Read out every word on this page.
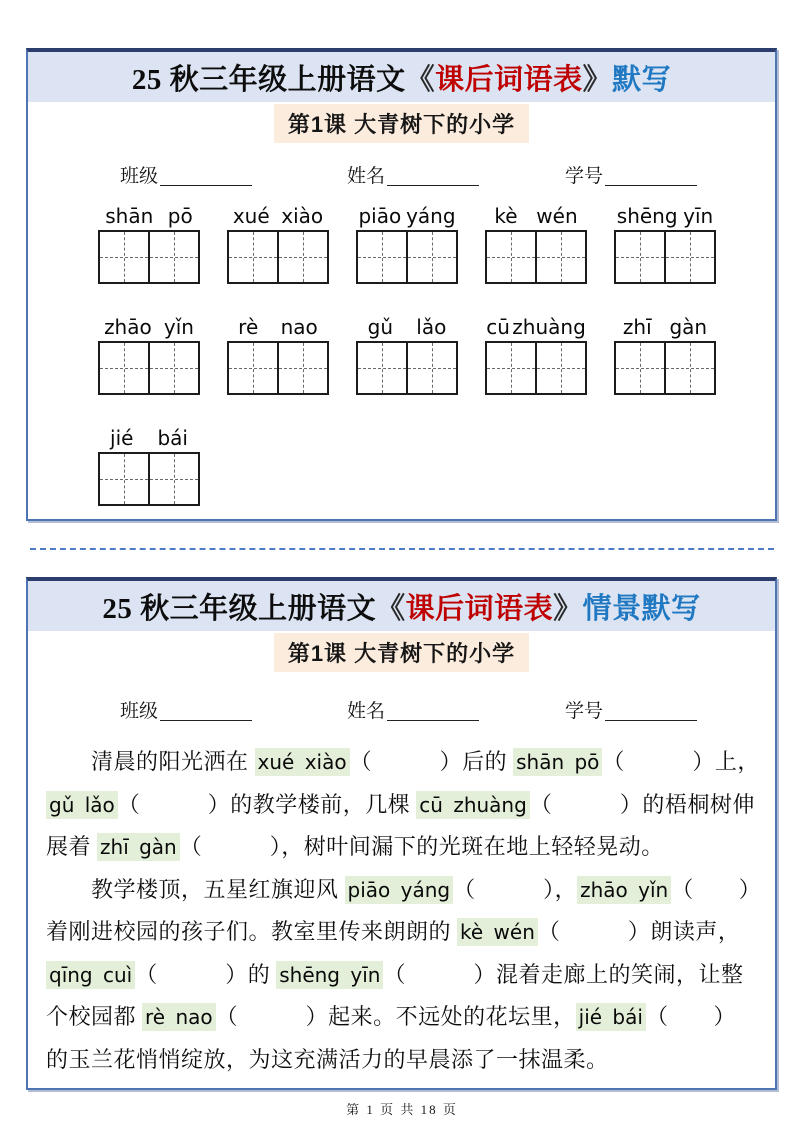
25 秋三年级上册语文《课后词语表》默写
第1课 大青树下的小学
班级	姓名	学号
shān pō xué xiào piāo yáng kè wén shēng yīn
zhāo yǐn rè nao gǔ lǎo cū zhuàng zhī gàn
jié bái
25 秋三年级上册语文《课后词语表》情景默写
第1课 大青树下的小学
班级	姓名	学号
　　清晨的阳光洒在 xué xiào （　　　）后的 shān pō （　　　）上，
gǔ lǎo （　　　）的教学楼前，几棵 cū zhuàng （　　　）的梧桐树伸
展着 zhī gàn （　　　），树叶间漏下的光斑在地上轻轻晃动。
　　教学楼顶，五星红旗迎风 piāo yáng （　　　）， zhāo yǐn （　　）
着刚进校园的孩子们。教室里传来朗朗的 kè wén （　　　）朗读声，
qīng cuì （　　　）的 shēng yīn （　　　）混着走廊上的笑闹，让整
个校园都 rè nao （　　　）起来。不远处的花坛里， jié bái （　　）
的玉兰花悄悄绽放，为这充满活力的早晨添了一抹温柔。
第 1 页 共 18 页
